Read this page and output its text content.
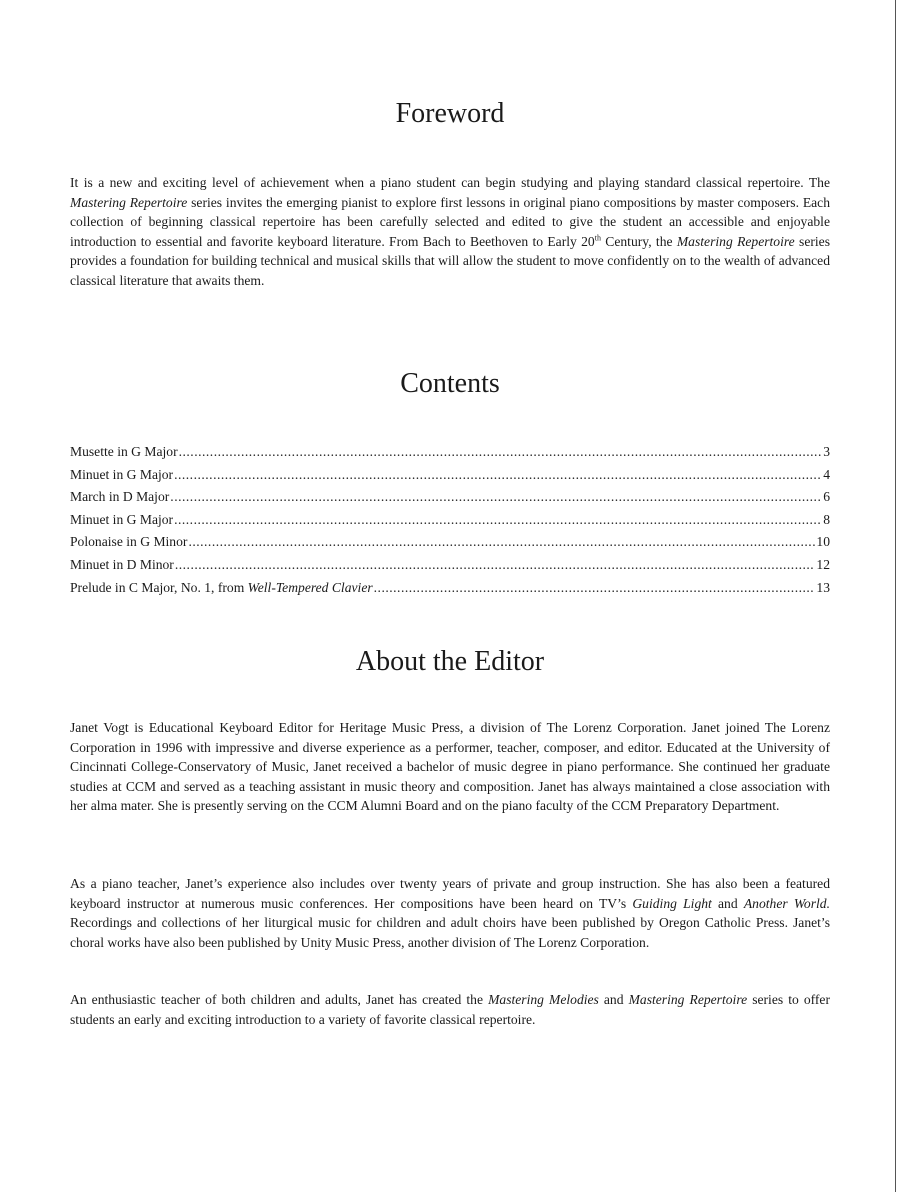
Foreword

It is a new and exciting level of achievement when a piano student can begin studying and playing standard classical repertoire. The Mastering Repertoire series invites the emerging pianist to explore first lessons in original piano compositions by master composers. Each collection of beginning classical repertoire has been carefully selected and edited to give the student an accessible and enjoyable introduction to essential and favorite keyboard literature. From Bach to Beethoven to Early 20th Century, the Mastering Repertoire series provides a foundation for building technical and musical skills that will allow the student to move confidently on to the wealth of advanced classical literature that awaits them.

Contents
Musette in G Major .....	3
Minuet in G Major .....	4
March in D Major .....	6
Minuet in G Major .....	8
Polonaise in G Minor .....	10
Minuet in D Minor .....	12
Prelude in C Major, No. 1, from Well-Tempered Clavier .....	13
About the Editor

Janet Vogt is Educational Keyboard Editor for Heritage Music Press, a division of The Lorenz Corporation. Janet joined The Lorenz Corporation in 1996 with impressive and diverse experience as a performer, teacher, composer, and editor. Educated at the University of Cincinnati College-Conservatory of Music, Janet received a bachelor of music degree in piano performance. She continued her graduate studies at CCM and served as a teaching assistant in music theory and composition. Janet has always maintained a close association with her alma mater. She is presently serving on the CCM Alumni Board and on the piano faculty of the CCM Preparatory Department.

As a piano teacher, Janet’s experience also includes over twenty years of private and group instruction. She has also been a featured keyboard instructor at numerous music conferences. Her compositions have been heard on TV’s Guiding Light and Another World. Recordings and collections of her liturgical music for children and adult choirs have been published by Oregon Catholic Press. Janet’s choral works have also been published by Unity Music Press, another division of The Lorenz Corporation.

An enthusiastic teacher of both children and adults, Janet has created the Mastering Melodies and Mastering Repertoire series to offer students an early and exciting introduction to a variety of favorite classical repertoire.
